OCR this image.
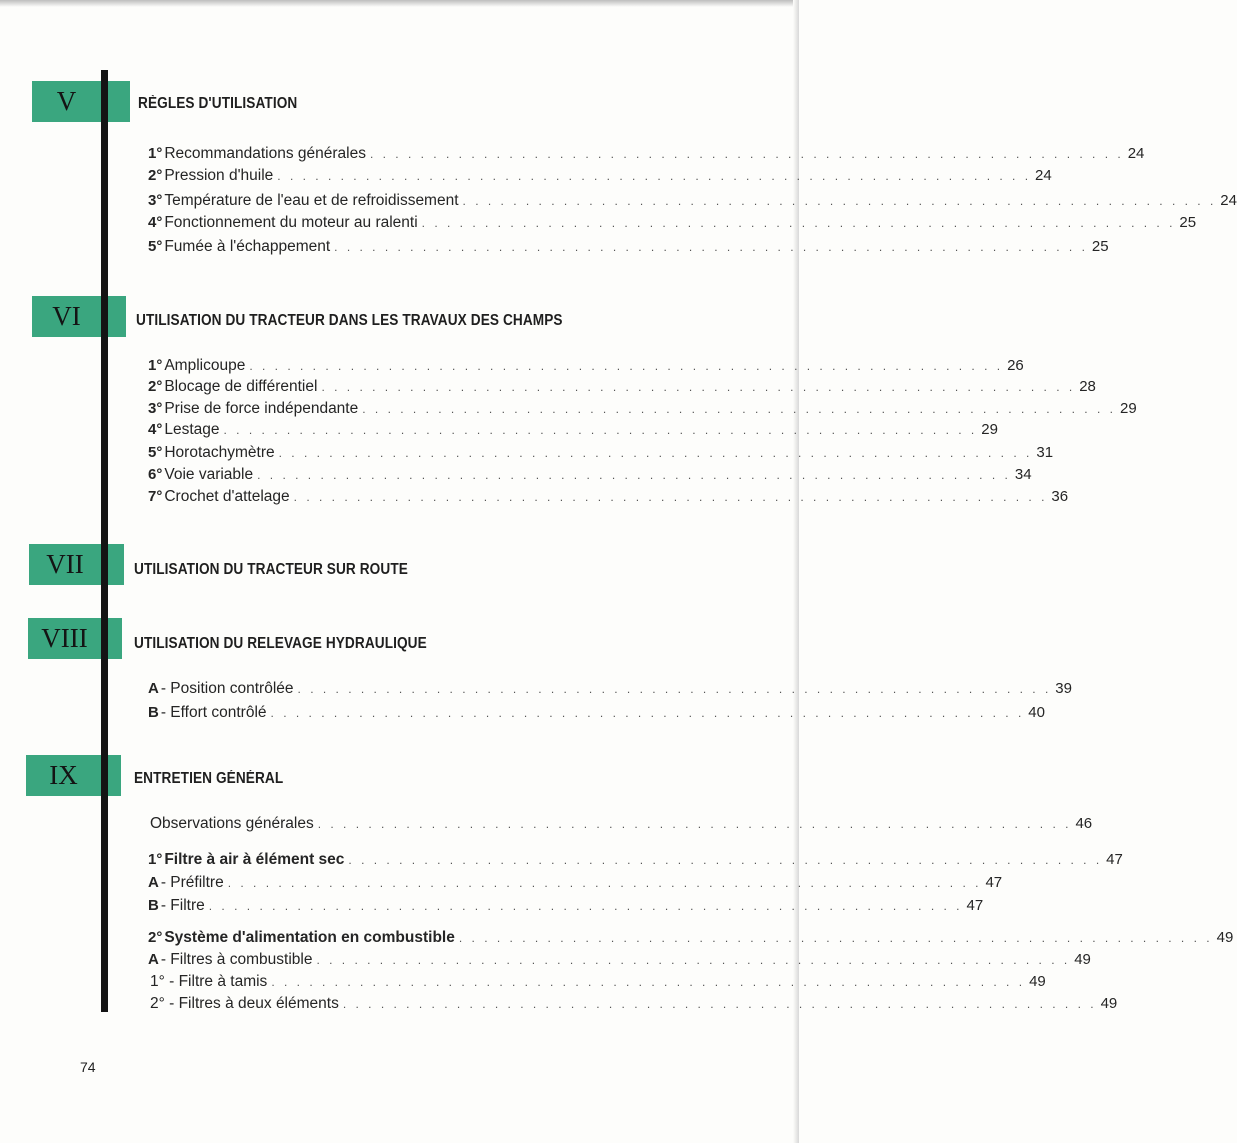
V
VI
VII
VIII
IX
RÈGLES D'UTILISATION
UTILISATION DU TRACTEUR DANS LES TRAVAUX DES CHAMPS
UTILISATION DU TRACTEUR SUR ROUTE
UTILISATION DU RELEVAGE HYDRAULIQUE
ENTRETIEN GÉNÉRAL
1° Recommandations générales . . . . . . . . . . . . . . . . . . . . . . . . . . . . . . . . . . . . . . . . . . . . . . . . . . . . . . . . . . . . 24
2° Pression d'huile . . . . . . . . . . . . . . . . . . . . . . . . . . . . . . . . . . . . . . . . . . . . . . . . . . . . . . . . . . . . 24
3° Température de l'eau et de refroidissement . . . . . . . . . . . . . . . . . . . . . . . . . . . . . . . . . . . . . . . . . . . . . . . . . . . . . . . . . . . . 24
4° Fonctionnement du moteur au ralenti . . . . . . . . . . . . . . . . . . . . . . . . . . . . . . . . . . . . . . . . . . . . . . . . . . . . . . . . . . . . 25
5° Fumée à l'échappement . . . . . . . . . . . . . . . . . . . . . . . . . . . . . . . . . . . . . . . . . . . . . . . . . . . . . . . . . . . . 25
1° Amplicoupe . . . . . . . . . . . . . . . . . . . . . . . . . . . . . . . . . . . . . . . . . . . . . . . . . . . . . . . . . . . . 26
2° Blocage de différentiel . . . . . . . . . . . . . . . . . . . . . . . . . . . . . . . . . . . . . . . . . . . . . . . . . . . . . . . . . . . . 28
3° Prise de force indépendante . . . . . . . . . . . . . . . . . . . . . . . . . . . . . . . . . . . . . . . . . . . . . . . . . . . . . . . . . . . . 29
4° Lestage . . . . . . . . . . . . . . . . . . . . . . . . . . . . . . . . . . . . . . . . . . . . . . . . . . . . . . . . . . . . 29
5° Horotachymètre . . . . . . . . . . . . . . . . . . . . . . . . . . . . . . . . . . . . . . . . . . . . . . . . . . . . . . . . . . . . 31
6° Voie variable . . . . . . . . . . . . . . . . . . . . . . . . . . . . . . . . . . . . . . . . . . . . . . . . . . . . . . . . . . . . 34
7° Crochet d'attelage . . . . . . . . . . . . . . . . . . . . . . . . . . . . . . . . . . . . . . . . . . . . . . . . . . . . . . . . . . . . 36
A - Position contrôlée . . . . . . . . . . . . . . . . . . . . . . . . . . . . . . . . . . . . . . . . . . . . . . . . . . . . . . . . . . . . 39
B - Effort contrôlé . . . . . . . . . . . . . . . . . . . . . . . . . . . . . . . . . . . . . . . . . . . . . . . . . . . . . . . . . . . . 40
Observations générales . . . . . . . . . . . . . . . . . . . . . . . . . . . . . . . . . . . . . . . . . . . . . . . . . . . . . . . . . . . . 46
1° Filtre à air à élément sec . . . . . . . . . . . . . . . . . . . . . . . . . . . . . . . . . . . . . . . . . . . . . . . . . . . . . . . . . . . . 47
A - Préfiltre . . . . . . . . . . . . . . . . . . . . . . . . . . . . . . . . . . . . . . . . . . . . . . . . . . . . . . . . . . . . 47
B - Filtre . . . . . . . . . . . . . . . . . . . . . . . . . . . . . . . . . . . . . . . . . . . . . . . . . . . . . . . . . . . . 47
2° Système d'alimentation en combustible . . . . . . . . . . . . . . . . . . . . . . . . . . . . . . . . . . . . . . . . . . . . . . . . . . . . . . . . . . . . 49
A - Filtres à combustible . . . . . . . . . . . . . . . . . . . . . . . . . . . . . . . . . . . . . . . . . . . . . . . . . . . . . . . . . . . . 49
1° - Filtre à tamis . . . . . . . . . . . . . . . . . . . . . . . . . . . . . . . . . . . . . . . . . . . . . . . . . . . . . . . . . . . . 49
2° - Filtres à deux éléments . . . . . . . . . . . . . . . . . . . . . . . . . . . . . . . . . . . . . . . . . . . . . . . . . . . . . . . . . . . . 49
74
